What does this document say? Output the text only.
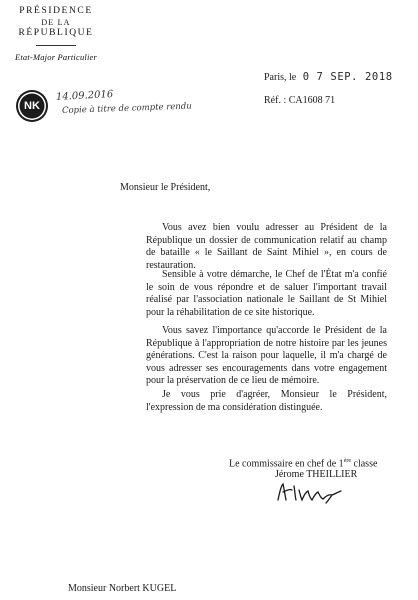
PRÉSIDENCE
DE LA
RÉPUBLIQUE
Etat-Major Particulier
Paris, le 0 7 SEP. 2018
Réf. : CA1608 71
NK
14.09.2016
Copie à titre de compte rendu
Monsieur le Président,
Vous avez bien voulu adresser au Président de la République un dossier de communication relatif au champ de bataille « le Saillant de Saint Mihiel », en cours de restauration.
Sensible à votre démarche, le Chef de l'État m'a confié le soin de vous répondre et de saluer l'important travail réalisé par l'association nationale le Saillant de St Mihiel pour la réhabilitation de ce site historique.
Vous savez l'importance qu'accorde le Président de la République à l'appropriation de notre histoire par les jeunes générations. C'est la raison pour laquelle, il m'a chargé de vous adresser ses encouragements dans votre engagement pour la préservation de ce lieu de mémoire.
Je vous prie d'agréer, Monsieur le Président, l'expression de ma considération distinguée.
Le commissaire en chef de 1ère classe
Jérome THEILLIER
Monsieur Norbert KUGEL
